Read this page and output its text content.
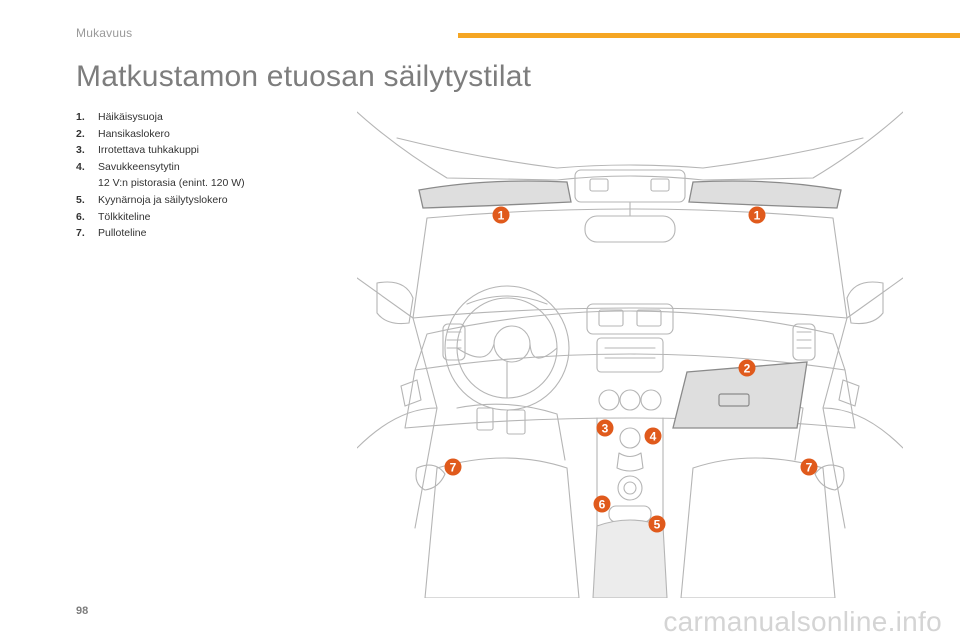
Mukavuus
Matkustamon etuosan säilytystilat
1.	Häikäisysuoja
2.	Hansikaslokero
3.	Irrotettava tuhkakuppi
4.	Savukkeensytytin
12 V:n pistorasia (enint. 120 W)
5.	Kyynärnoja ja säilytyslokero
6.	Tölkkiteline
7.	Pulloteline
1	1
2
3
4
5
6
7	7
98	carmanualsonline.info
